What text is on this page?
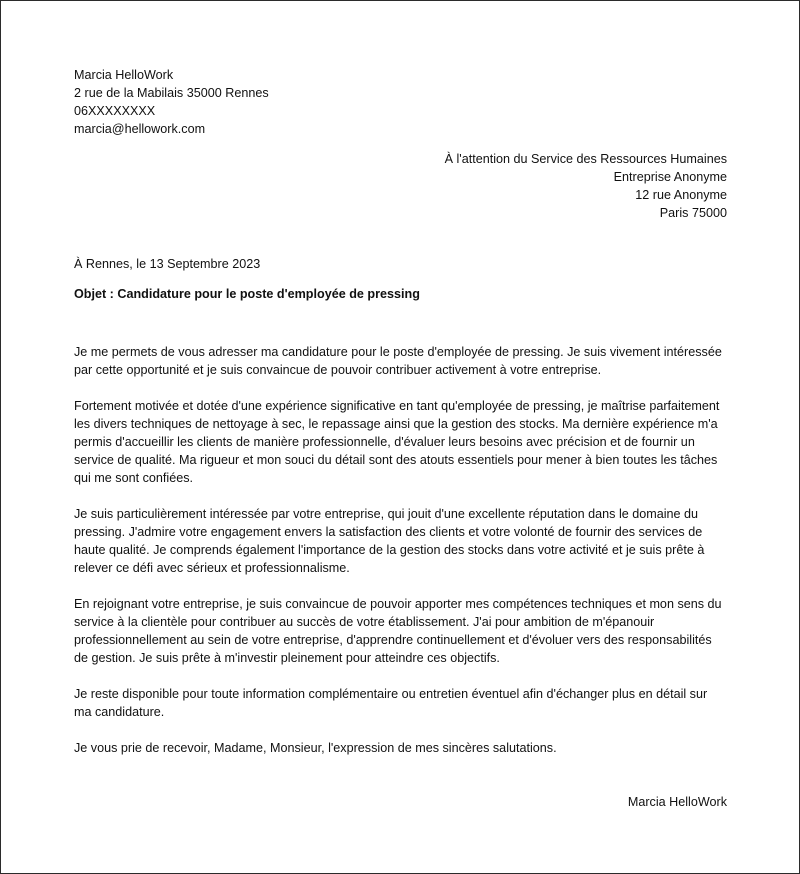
Marcia HelloWork
2 rue de la Mabilais 35000 Rennes
06XXXXXXXX
marcia@hellowork.com
À l'attention du Service des Ressources Humaines
Entreprise Anonyme
12 rue Anonyme
Paris 75000
À Rennes, le 13 Septembre 2023
Objet : Candidature pour le poste d'employée de pressing

Je me permets de vous adresser ma candidature pour le poste d'employée de pressing. Je suis vivement intéressée par cette opportunité et je suis convaincue de pouvoir contribuer activement à votre entreprise.

Fortement motivée et dotée d'une expérience significative en tant qu'employée de pressing, je maîtrise parfaitement les divers techniques de nettoyage à sec, le repassage ainsi que la gestion des stocks. Ma dernière expérience m'a permis d'accueillir les clients de manière professionnelle, d'évaluer leurs besoins avec précision et de fournir un service de qualité. Ma rigueur et mon souci du détail sont des atouts essentiels pour mener à bien toutes les tâches qui me sont confiées.

Je suis particulièrement intéressée par votre entreprise, qui jouit d'une excellente réputation dans le domaine du pressing. J'admire votre engagement envers la satisfaction des clients et votre volonté de fournir des services de haute qualité. Je comprends également l'importance de la gestion des stocks dans votre activité et je suis prête à relever ce défi avec sérieux et professionnalisme.

En rejoignant votre entreprise, je suis convaincue de pouvoir apporter mes compétences techniques et mon sens du service à la clientèle pour contribuer au succès de votre établissement. J'ai pour ambition de m'épanouir professionnellement au sein de votre entreprise, d'apprendre continuellement et d'évoluer vers des responsabilités de gestion. Je suis prête à m'investir pleinement pour atteindre ces objectifs.

Je reste disponible pour toute information complémentaire ou entretien éventuel afin d'échanger plus en détail sur ma candidature.

Je vous prie de recevoir, Madame, Monsieur, l'expression de mes sincères salutations.

Marcia HelloWork
